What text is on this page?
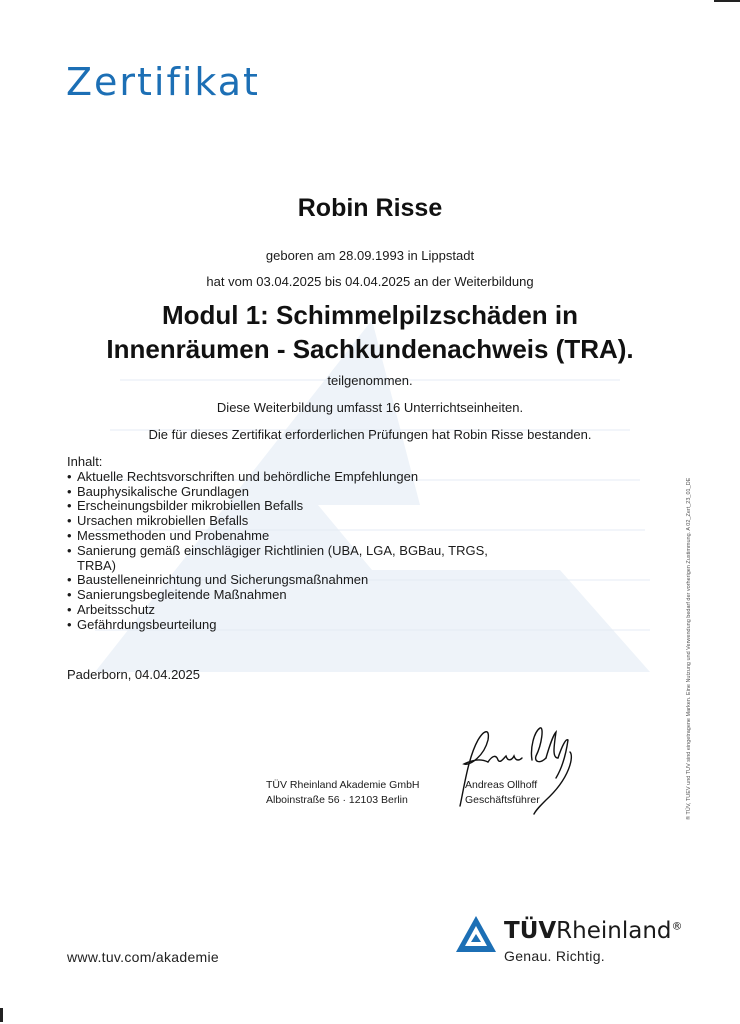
Zertifikat
Robin Risse
geboren am 28.09.1993 in Lippstadt
hat vom 03.04.2025 bis 04.04.2025 an der Weiterbildung
Modul 1: Schimmelpilzschäden in
Innenräumen - Sachkundenachweis (TRA).
teilgenommen.
Diese Weiterbildung umfasst 16 Unterrichtseinheiten.
Die für dieses Zertifikat erforderlichen Prüfungen hat Robin Risse bestanden.
Inhalt:
• Aktuelle Rechtsvorschriften und behördliche Empfehlungen
• Bauphysikalische Grundlagen
• Erscheinungsbilder mikrobiellen Befalls
• Ursachen mikrobiellen Befalls
• Messmethoden und Probenahme
• Sanierung gemäß einschlägiger Richtlinien (UBA, LGA, BGBau, TRGS, TRBA)
• Baustelleneinrichtung und Sicherungsmaßnahmen
• Sanierungsbegleitende Maßnahmen
• Arbeitsschutz
• Gefährdungsbeurteilung
Paderborn, 04.04.2025
TÜV Rheinland Akademie GmbH
Alboinstraße 56 · 12103 Berlin
Andreas Ollhoff
Geschäftsführer	® TÜV, TUEV und TUV sind eingetragene Marken. Eine Nutzung und Verwendung bedarf der vorherigen Zustimmung. A 02_Zert_23_01_DE
www.tuv.com/akademie
TÜVRheinland®
Genau. Richtig.
